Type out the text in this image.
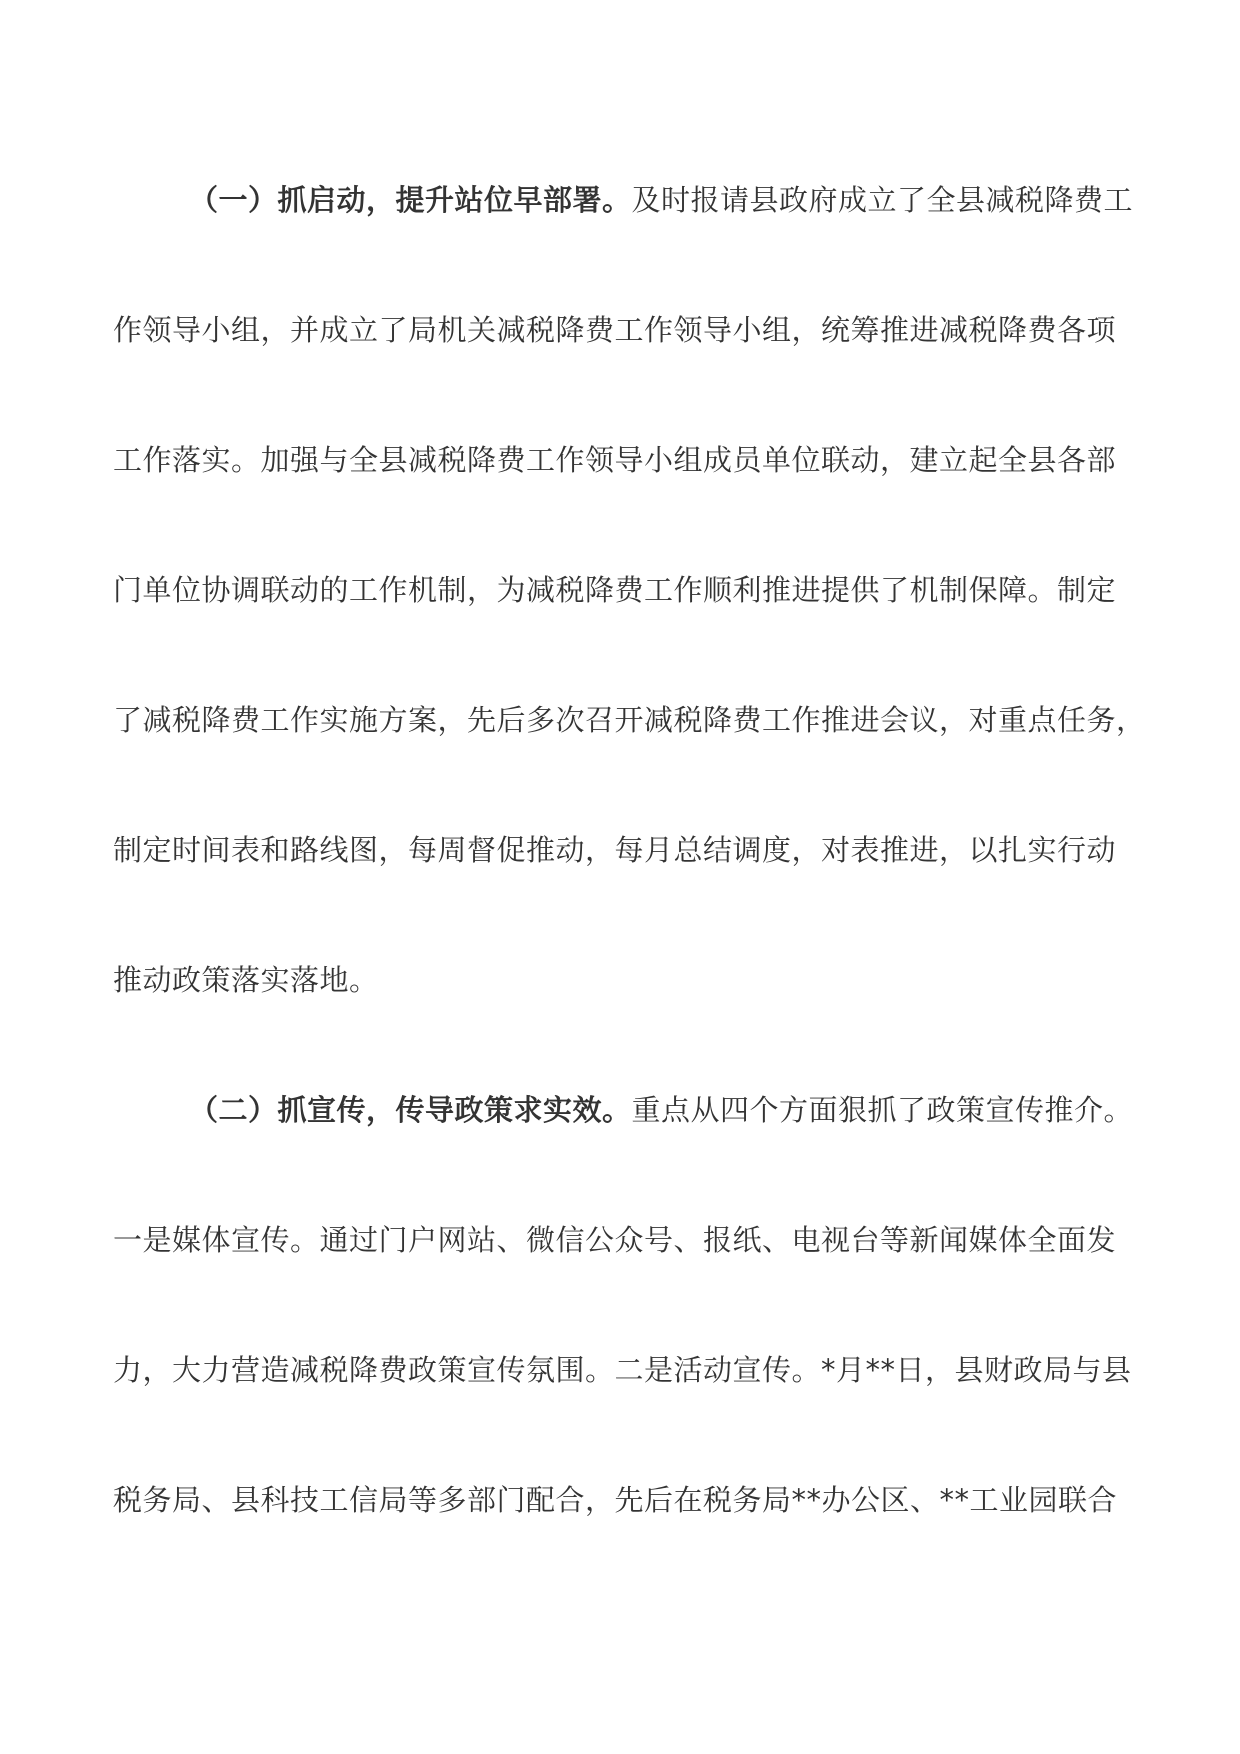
（一）抓启动，提升站位早部署。及时报请县政府成立了全县减税降费工
作领导小组，并成立了局机关减税降费工作领导小组，统筹推进减税降费各项
工作落实。加强与全县减税降费工作领导小组成员单位联动，建立起全县各部
门单位协调联动的工作机制，为减税降费工作顺利推进提供了机制保障。制定
了减税降费工作实施方案，先后多次召开减税降费工作推进会议，对重点任务，
制定时间表和路线图，每周督促推动，每月总结调度，对表推进，以扎实行动
推动政策落实落地。
（二）抓宣传，传导政策求实效。重点从四个方面狠抓了政策宣传推介。
一是媒体宣传。通过门户网站、微信公众号、报纸、电视台等新闻媒体全面发
力，大力营造减税降费政策宣传氛围。二是活动宣传。*月**日，县财政局与县
税务局、县科技工信局等多部门配合，先后在税务局**办公区、**工业园联合
